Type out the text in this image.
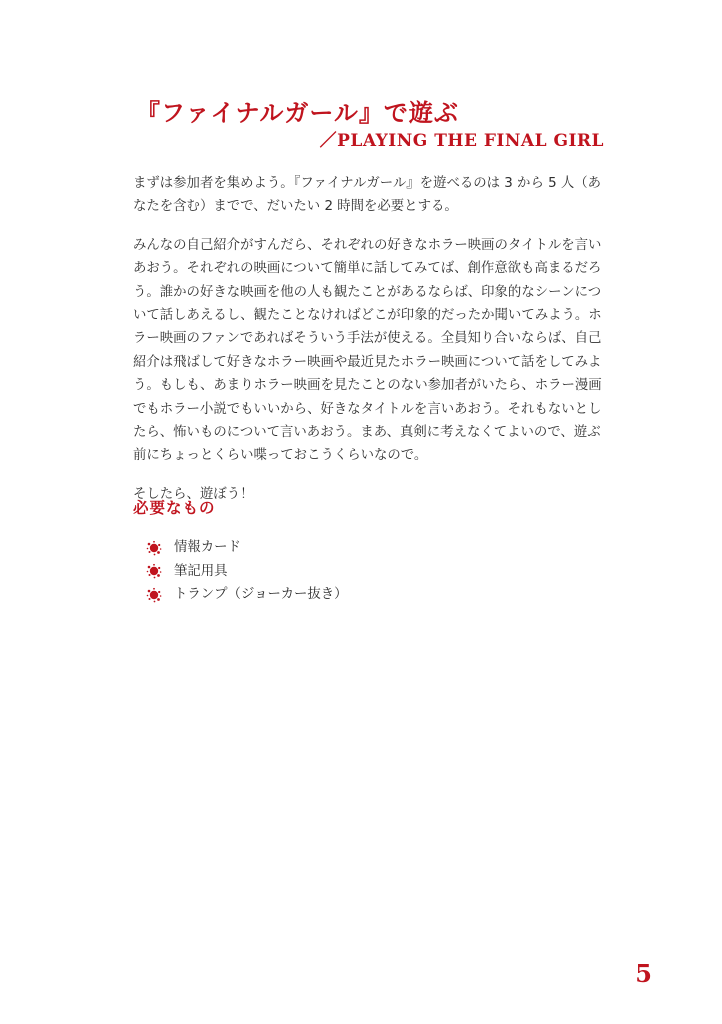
『ファイナルガール』で遊ぶ
／PLAYING THE FINAL GIRL

まずは参加者を集めよう。『ファイナルガール』を遊べるのは 3 から 5 人（あなたを含む）までで、だいたい 2 時間を必要とする。

みんなの自己紹介がすんだら、それぞれの好きなホラー映画のタイトルを言いあおう。それぞれの映画について簡単に話してみてば、創作意欲も高まるだろう。誰かの好きな映画を他の人も観たことがあるならば、印象的なシーンについて話しあえるし、観たことなければどこが印象的だったか聞いてみよう。ホラー映画のファンであればそういう手法が使える。全員知り合いならば、自己紹介は飛ばして好きなホラー映画や最近見たホラー映画について話をしてみよう。もしも、あまりホラー映画を見たことのない参加者がいたら、ホラー漫画でもホラー小説でもいいから、好きなタイトルを言いあおう。それもないとしたら、怖いものについて言いあおう。まあ、真剣に考えなくてよいので、遊ぶ前にちょっとくらい喋っておこうくらいなので。

そしたら、遊ぼう！

必要なもの
情報カード
筆記用具
トランプ（ジョーカー抜き）
5
